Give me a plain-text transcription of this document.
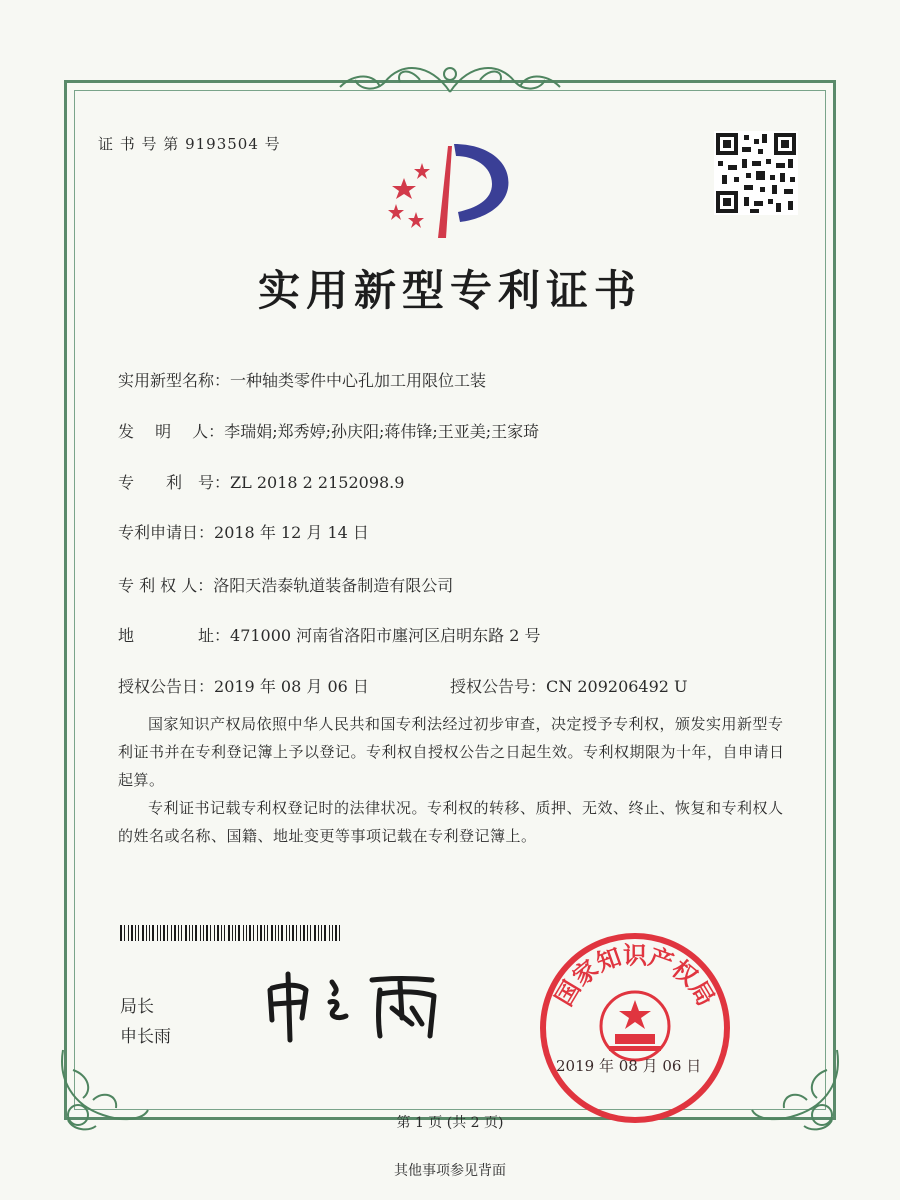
证 书 号 第 9193504 号
实用新型专利证书
实用新型名称：一种轴类零件中心孔加工用限位工装
发　 明　 人：李瑞娟;郑秀婷;孙庆阳;蒋伟锋;王亚美;王家琦
专　　利　号：ZL 2018 2 2152098.9
专利申请日：2018 年 12 月 14 日
专 利 权 人：洛阳天浩泰轨道装备制造有限公司
地　　　　址：471000 河南省洛阳市廛河区启明东路 2 号
授权公告日：2019 年 08 月 06 日	授权公告号：CN 209206492 U
国家知识产权局依照中华人民共和国专利法经过初步审查，决定授予专利权，颁发实用新型专利证书并在专利登记簿上予以登记。专利权自授权公告之日起生效。专利权期限为十年，自申请日起算。
专利证书记载专利权登记时的法律状况。专利权的转移、质押、无效、终止、恢复和专利权人的姓名或名称、国籍、地址变更等事项记载在专利登记簿上。
局长
申长雨
国家知识产权局
2019 年 08 月 06 日
第 1 页 (共 2 页)
其他事项参见背面
